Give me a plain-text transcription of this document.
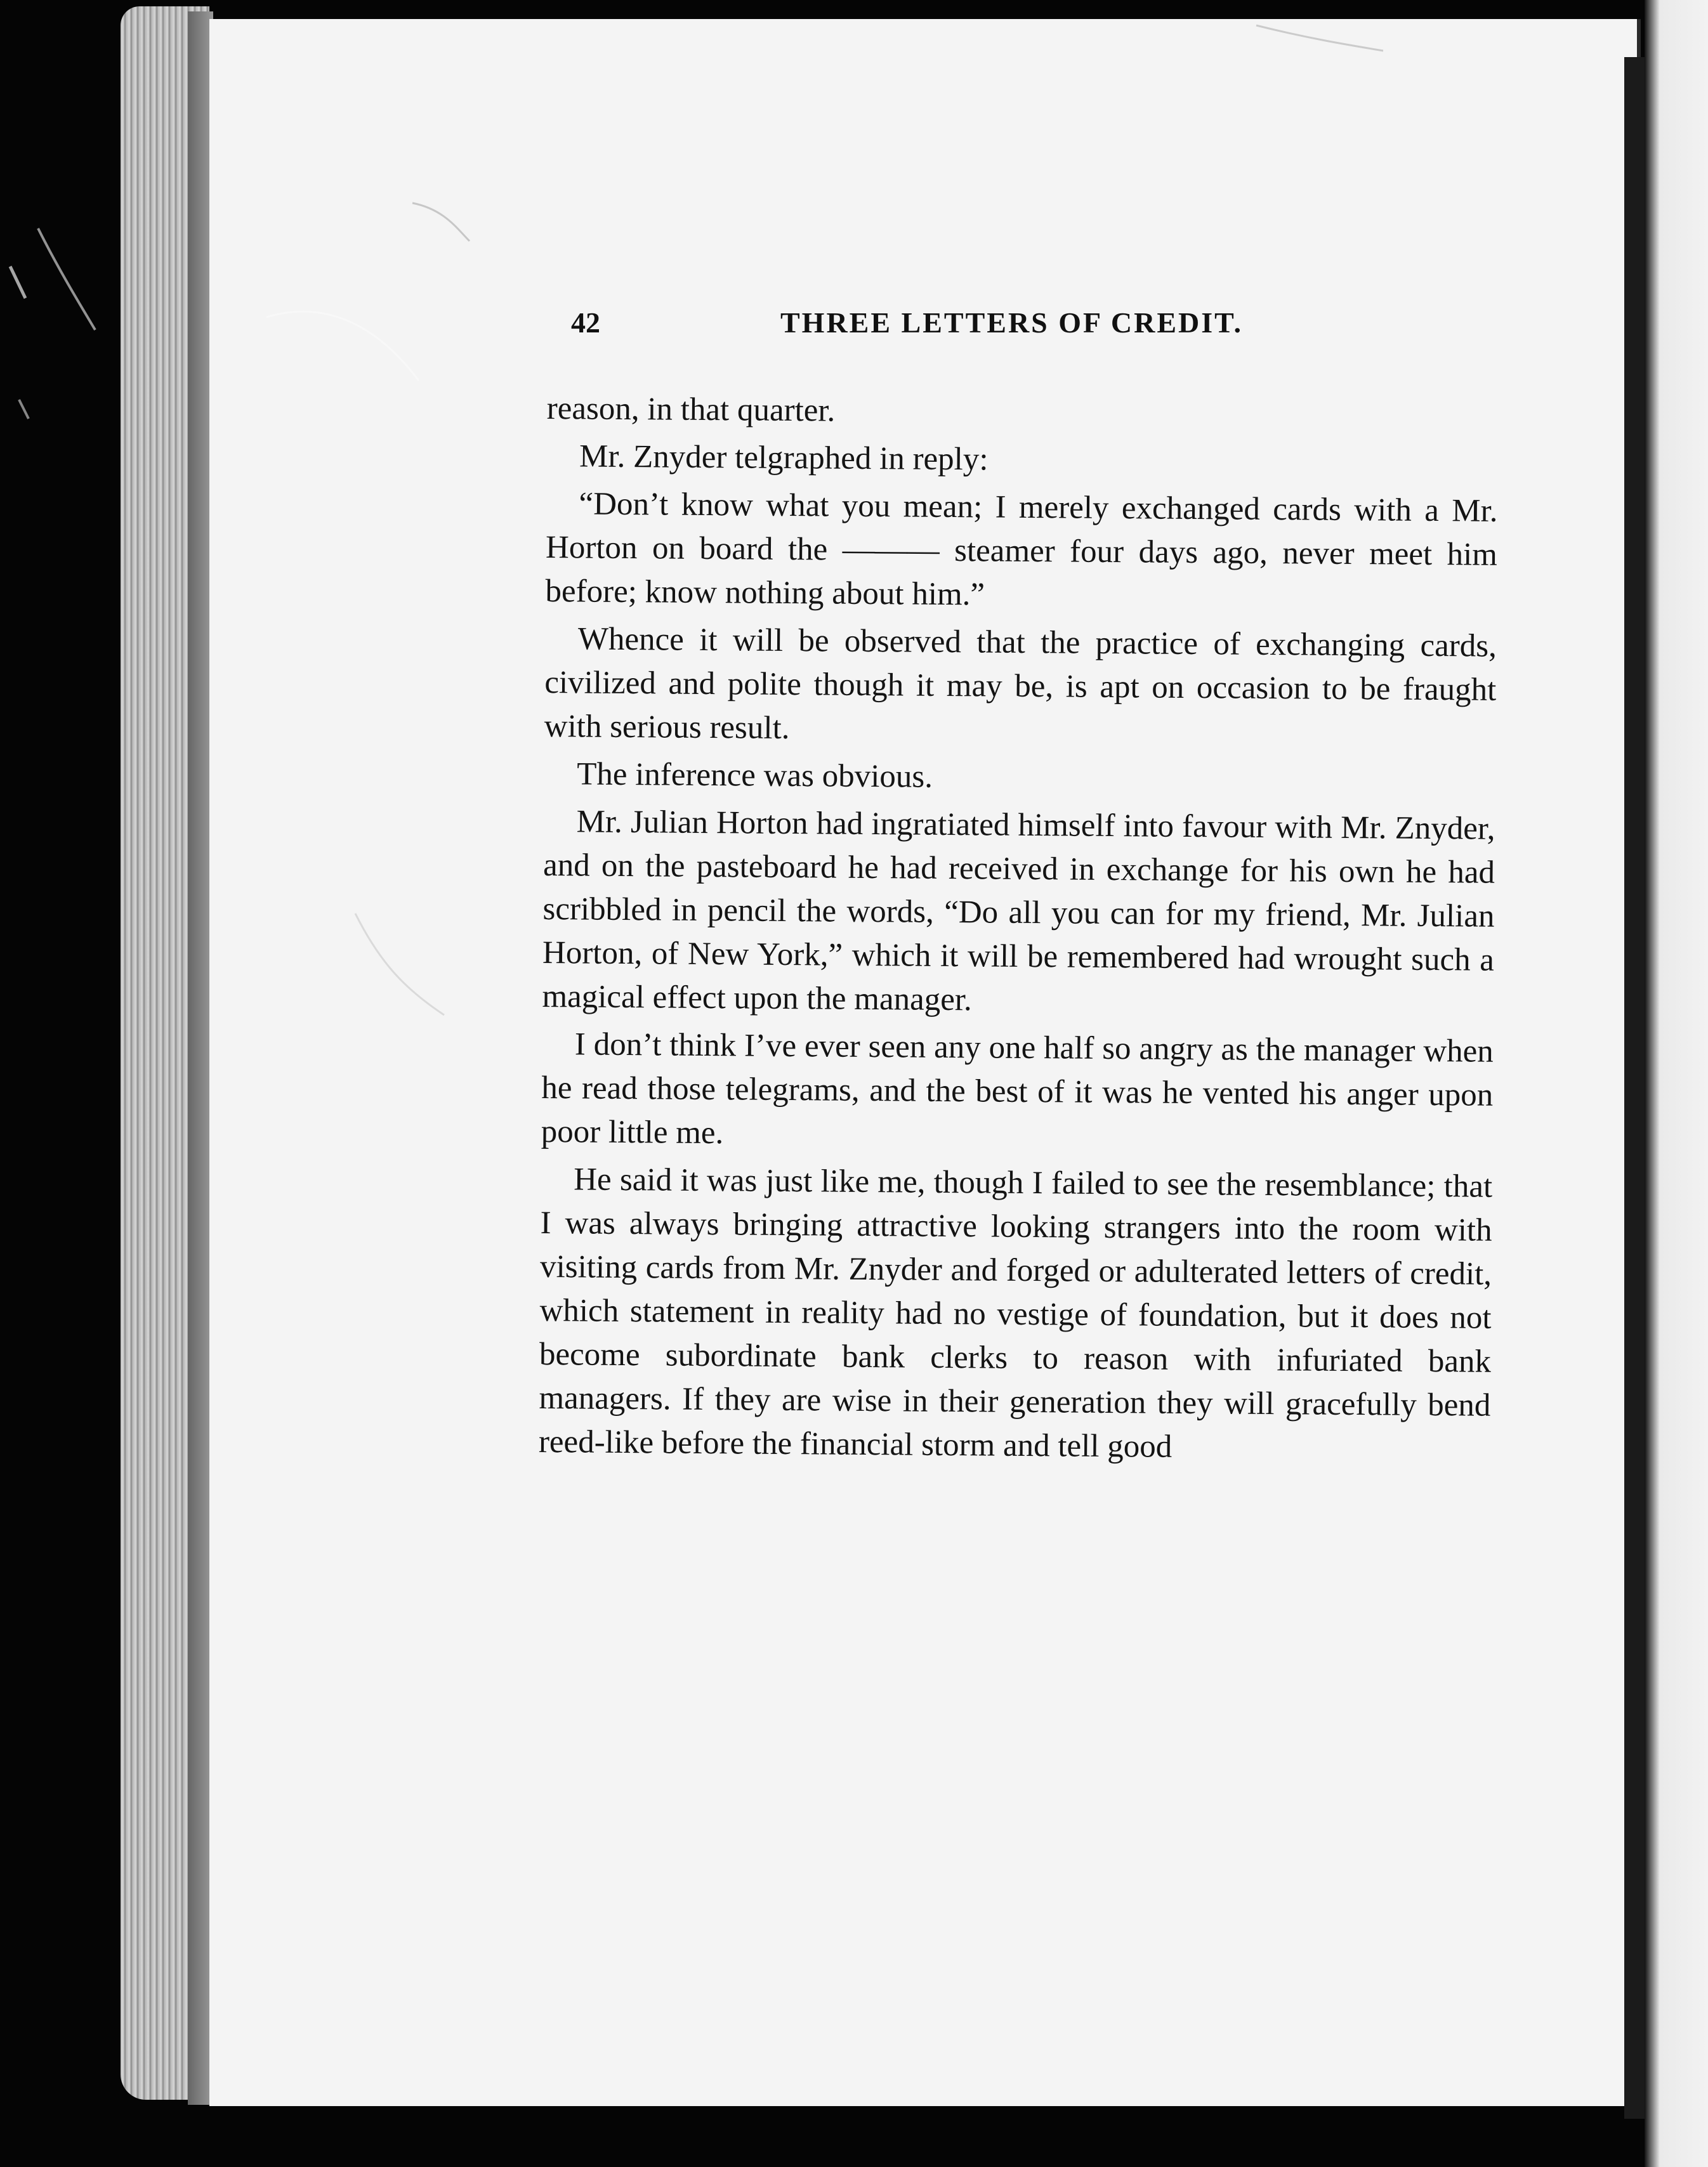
42	THREE LETTERS OF CREDIT.

reason, in that quarter.

Mr. Znyder telgraphed in reply:

“Don’t know what you mean; I merely exchanged cards with a Mr. Horton on board the ——— steamer four days ago, never meet him before; know nothing about him.”

Whence it will be observed that the practice of exchanging cards, civilized and polite though it may be, is apt on occasion to be fraught with serious result.

The inference was obvious.

Mr. Julian Horton had ingratiated himself into favour with Mr. Znyder, and on the pasteboard he had received in exchange for his own he had scribbled in pencil the words, “Do all you can for my friend, Mr. Julian Horton, of New York,” which it will be remembered had wrought such a magical effect upon the manager.

I don’t think I’ve ever seen any one half so angry as the manager when he read those telegrams, and the best of it was he vented his anger upon poor little me.

He said it was just like me, though I failed to see the resemblance; that I was always bringing attractive looking strangers into the room with visiting cards from Mr. Znyder and forged or adulterated letters of credit, which statement in reality had no vestige of foundation, but it does not become subordinate bank clerks to reason with infuriated bank managers. If they are wise in their generation they will gracefully bend reed-like before the financial storm and tell good
